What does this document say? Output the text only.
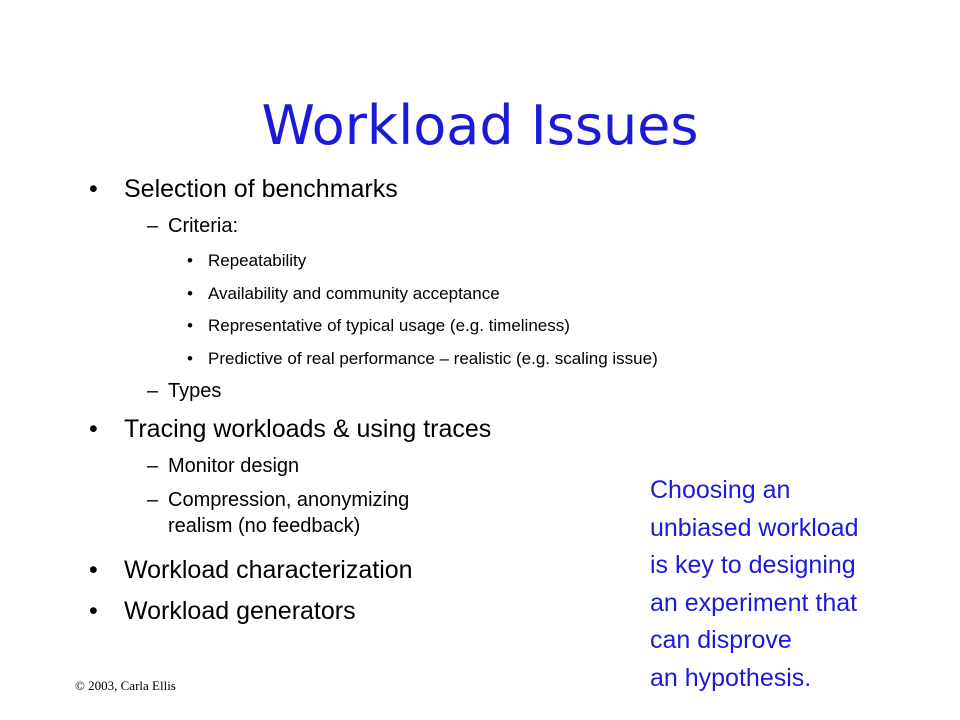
Workload Issues
• Selection of benchmarks
– Criteria:
• Repeatability
• Availability and community acceptance
• Representative of typical usage (e.g. timeliness)
• Predictive of real performance – realistic (e.g. scaling issue)
– Types
• Tracing workloads & using traces
– Monitor design
– Compression, anonymizing
realism (no feedback)
• Workload characterization
• Workload generators
Choosing an
unbiased workload
is key to designing
an experiment that
can disprove
an hypothesis.
© 2003, Carla Ellis
